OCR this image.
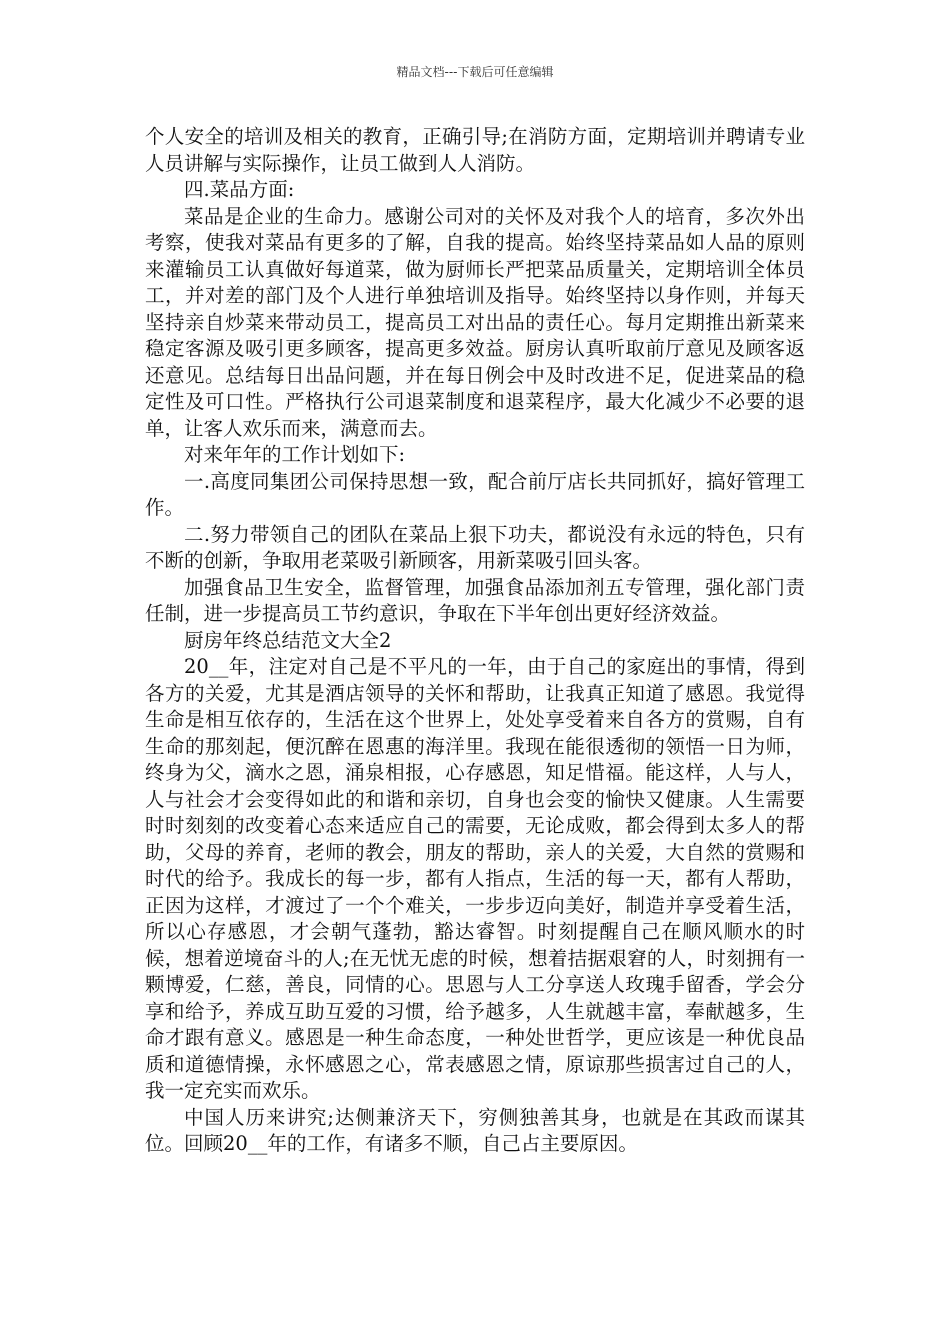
精品文档---下载后可任意编辑

个人安全的培训及相关的教育，正确引导;在消防方面，定期培训并聘请专业人员讲解与实际操作，让员工做到人人消防。

四.菜品方面:

菜品是企业的生命力。感谢公司对的关怀及对我个人的培育，多次外出考察，使我对菜品有更多的了解，自我的提高。始终坚持菜品如人品的原则来灌输员工认真做好每道菜，做为厨师长严把菜品质量关，定期培训全体员工，并对差的部门及个人进行单独培训及指导。始终坚持以身作则，并每天坚持亲自炒菜来带动员工，提高员工对出品的责任心。每月定期推出新菜来稳定客源及吸引更多顾客，提高更多效益。厨房认真听取前厅意见及顾客返还意见。总结每日出品问题，并在每日例会中及时改进不足，促进菜品的稳定性及可口性。严格执行公司退菜制度和退菜程序，最大化减少不必要的退单，让客人欢乐而来，满意而去。

对来年年的工作计划如下:

一.高度同集团公司保持思想一致，配合前厅店长共同抓好，搞好管理工作。

二.努力带领自己的团队在菜品上狠下功夫，都说没有永远的特色，只有不断的创新，争取用老菜吸引新顾客，用新菜吸引回头客。

加强食品卫生安全，监督管理，加强食品添加剂五专管理，强化部门责任制，进一步提高员工节约意识，争取在下半年创出更好经济效益。

厨房年终总结范文大全2

20__年，注定对自己是不平凡的一年，由于自己的家庭出的事情，得到各方的关爱，尤其是酒店领导的关怀和帮助，让我真正知道了感恩。我觉得生命是相互依存的，生活在这个世界上，处处享受着来自各方的赏赐，自有生命的那刻起，便沉醉在恩惠的海洋里。我现在能很透彻的领悟一日为师，终身为父，滴水之恩，涌泉相报，心存感恩，知足惜福。能这样，人与人，人与社会才会变得如此的和谐和亲切，自身也会变的愉快又健康。人生需要时时刻刻的改变着心态来适应自己的需要，无论成败，都会得到太多人的帮助，父母的养育，老师的教会，朋友的帮助，亲人的关爱，大自然的赏赐和时代的给予。我成长的每一步，都有人指点，生活的每一天，都有人帮助，正因为这样，才渡过了一个个难关，一步步迈向美好，制造并享受着生活，所以心存感恩，才会朝气蓬勃，豁达睿智。时刻提醒自己在顺风顺水的时候，想着逆境奋斗的人;在无忧无虑的时候，想着拮据艰窘的人，时刻拥有一颗博爱，仁慈，善良，同情的心。思恩与人工分享送人玫瑰手留香，学会分享和给予，养成互助互爱的习惯，给予越多，人生就越丰富，奉献越多，生命才跟有意义。感恩是一种生命态度，一种处世哲学，更应该是一种优良品质和道德情操，永怀感恩之心，常表感恩之情，原谅那些损害过自己的人，我一定充实而欢乐。

中国人历来讲究;达侧兼济天下，穷侧独善其身，也就是在其政而谋其位。回顾20__年的工作，有诸多不顺，自己占主要原因。
